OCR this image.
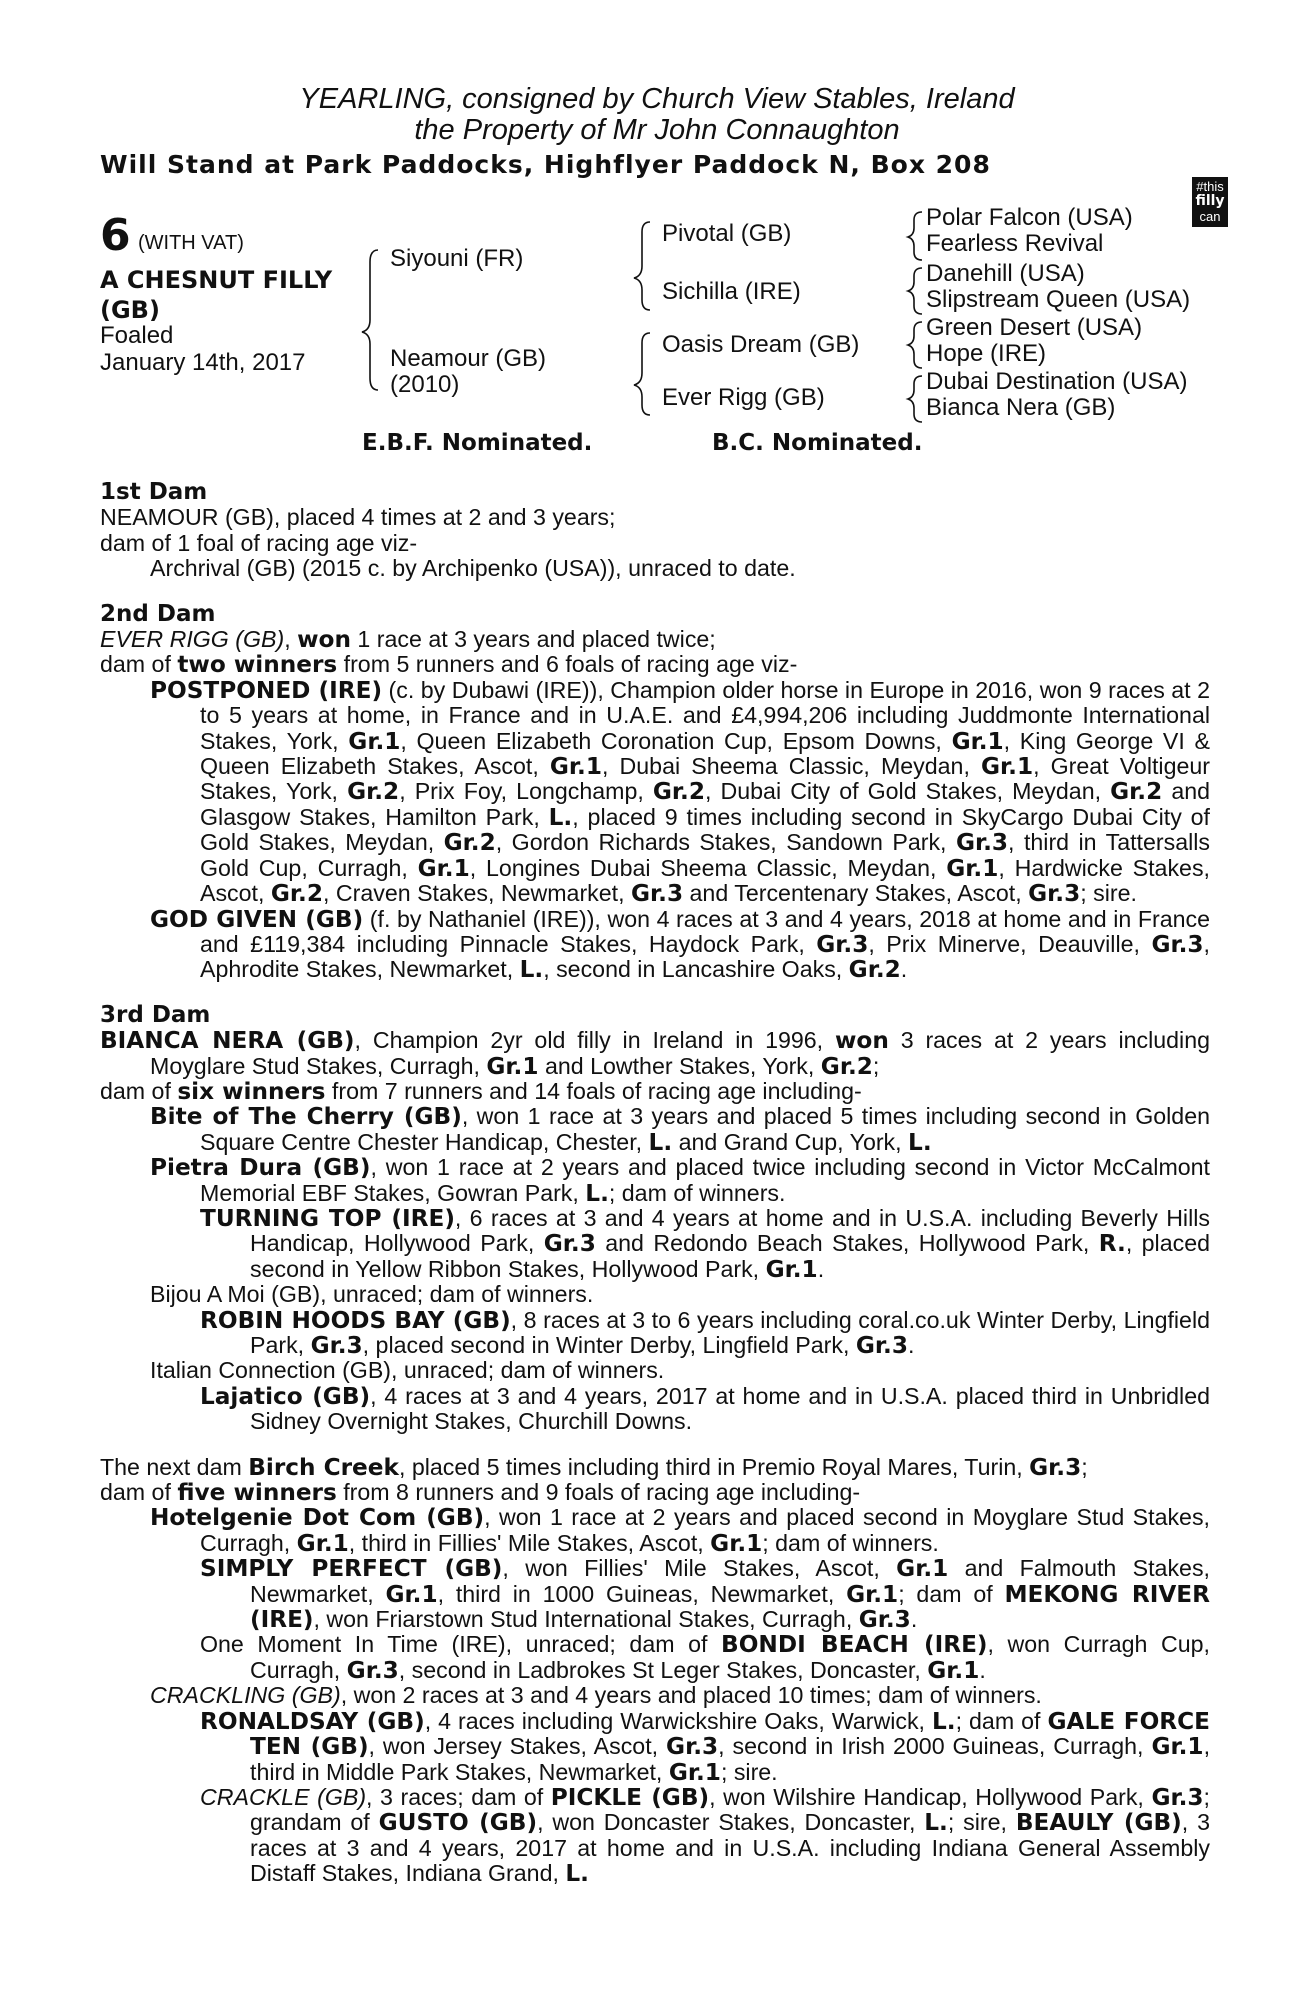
YEARLING, consigned by Church View Stables, Ireland
the Property of Mr John Connaughton
Will Stand at Park Paddocks, Highflyer Paddock N, Box 208
#this
filly
can
6 (WITH VAT)
A CHESNUT FILLY
(GB)
Foaled
January 14th, 2017
Siyouni (FR)
Neamour (GB)
(2010)
Pivotal (GB)
Sichilla (IRE)
Oasis Dream (GB)
Ever Rigg (GB)
Polar Falcon (USA)
Fearless Revival
Danehill (USA)
Slipstream Queen (USA)
Green Desert (USA)
Hope (IRE)
Dubai Destination (USA)
Bianca Nera (GB)
E.B.F. Nominated.	B.C. Nominated.
1st Dam

NEAMOUR (GB), placed 4 times at 2 and 3 years;

dam of 1 foal of racing age viz-

Archrival (GB) (2015 c. by Archipenko (USA)), unraced to date.

2nd Dam

EVER RIGG (GB), won 1 race at 3 years and placed twice;

dam of two winners from 5 runners and 6 foals of racing age viz-

POSTPONED (IRE) (c. by Dubawi (IRE)), Champion older horse in Europe in 2016, won 9 races at 2 to 5 years at home, in France and in U.A.E. and £4,994,206 including Juddmonte International Stakes, York, Gr.1, Queen Elizabeth Coronation Cup, Epsom Downs, Gr.1, King George VI & Queen Elizabeth Stakes, Ascot, Gr.1, Dubai Sheema Classic, Meydan, Gr.1, Great Voltigeur Stakes, York, Gr.2, Prix Foy, Longchamp, Gr.2, Dubai City of Gold Stakes, Meydan, Gr.2 and Glasgow Stakes, Hamilton Park, L., placed 9 times including second in SkyCargo Dubai City of Gold Stakes, Meydan, Gr.2, Gordon Richards Stakes, Sandown Park, Gr.3, third in Tattersalls Gold Cup, Curragh, Gr.1, Longines Dubai Sheema Classic, Meydan, Gr.1, Hardwicke Stakes, Ascot, Gr.2, Craven Stakes, Newmarket, Gr.3 and Tercentenary Stakes, Ascot, Gr.3; sire.

GOD GIVEN (GB) (f. by Nathaniel (IRE)), won 4 races at 3 and 4 years, 2018 at home and in France and £119,384 including Pinnacle Stakes, Haydock Park, Gr.3, Prix Minerve, Deauville, Gr.3, Aphrodite Stakes, Newmarket, L., second in Lancashire Oaks, Gr.2.

3rd Dam

BIANCA NERA (GB), Champion 2yr old filly in Ireland in 1996, won 3 races at 2 years including Moyglare Stud Stakes, Curragh, Gr.1 and Lowther Stakes, York, Gr.2;

dam of six winners from 7 runners and 14 foals of racing age including-

Bite of The Cherry (GB), won 1 race at 3 years and placed 5 times including second in Golden Square Centre Chester Handicap, Chester, L. and Grand Cup, York, L.

Pietra Dura (GB), won 1 race at 2 years and placed twice including second in Victor McCalmont Memorial EBF Stakes, Gowran Park, L.; dam of winners.

TURNING TOP (IRE), 6 races at 3 and 4 years at home and in U.S.A. including Beverly Hills Handicap, Hollywood Park, Gr.3 and Redondo Beach Stakes, Hollywood Park, R., placed second in Yellow Ribbon Stakes, Hollywood Park, Gr.1.

Bijou A Moi (GB), unraced; dam of winners.

ROBIN HOODS BAY (GB), 8 races at 3 to 6 years including coral.co.uk Winter Derby, Lingfield Park, Gr.3, placed second in Winter Derby, Lingfield Park, Gr.3.

Italian Connection (GB), unraced; dam of winners.

Lajatico (GB), 4 races at 3 and 4 years, 2017 at home and in U.S.A. placed third in Unbridled Sidney Overnight Stakes, Churchill Downs.

The next dam Birch Creek, placed 5 times including third in Premio Royal Mares, Turin, Gr.3;

dam of five winners from 8 runners and 9 foals of racing age including-

Hotelgenie Dot Com (GB), won 1 race at 2 years and placed second in Moyglare Stud Stakes, Curragh, Gr.1, third in Fillies' Mile Stakes, Ascot, Gr.1; dam of winners.

SIMPLY PERFECT (GB), won Fillies' Mile Stakes, Ascot, Gr.1 and Falmouth Stakes, Newmarket, Gr.1, third in 1000 Guineas, Newmarket, Gr.1; dam of MEKONG RIVER (IRE), won Friarstown Stud International Stakes, Curragh, Gr.3.

One Moment In Time (IRE), unraced; dam of BONDI BEACH (IRE), won Curragh Cup, Curragh, Gr.3, second in Ladbrokes St Leger Stakes, Doncaster, Gr.1.

CRACKLING (GB), won 2 races at 3 and 4 years and placed 10 times; dam of winners.

RONALDSAY (GB), 4 races including Warwickshire Oaks, Warwick, L.; dam of GALE FORCE TEN (GB), won Jersey Stakes, Ascot, Gr.3, second in Irish 2000 Guineas, Curragh, Gr.1, third in Middle Park Stakes, Newmarket, Gr.1; sire.

CRACKLE (GB), 3 races; dam of PICKLE (GB), won Wilshire Handicap, Hollywood Park, Gr.3; grandam of GUSTO (GB), won Doncaster Stakes, Doncaster, L.; sire, BEAULY (GB), 3 races at 3 and 4 years, 2017 at home and in U.S.A. including Indiana General Assembly Distaff Stakes, Indiana Grand, L.
